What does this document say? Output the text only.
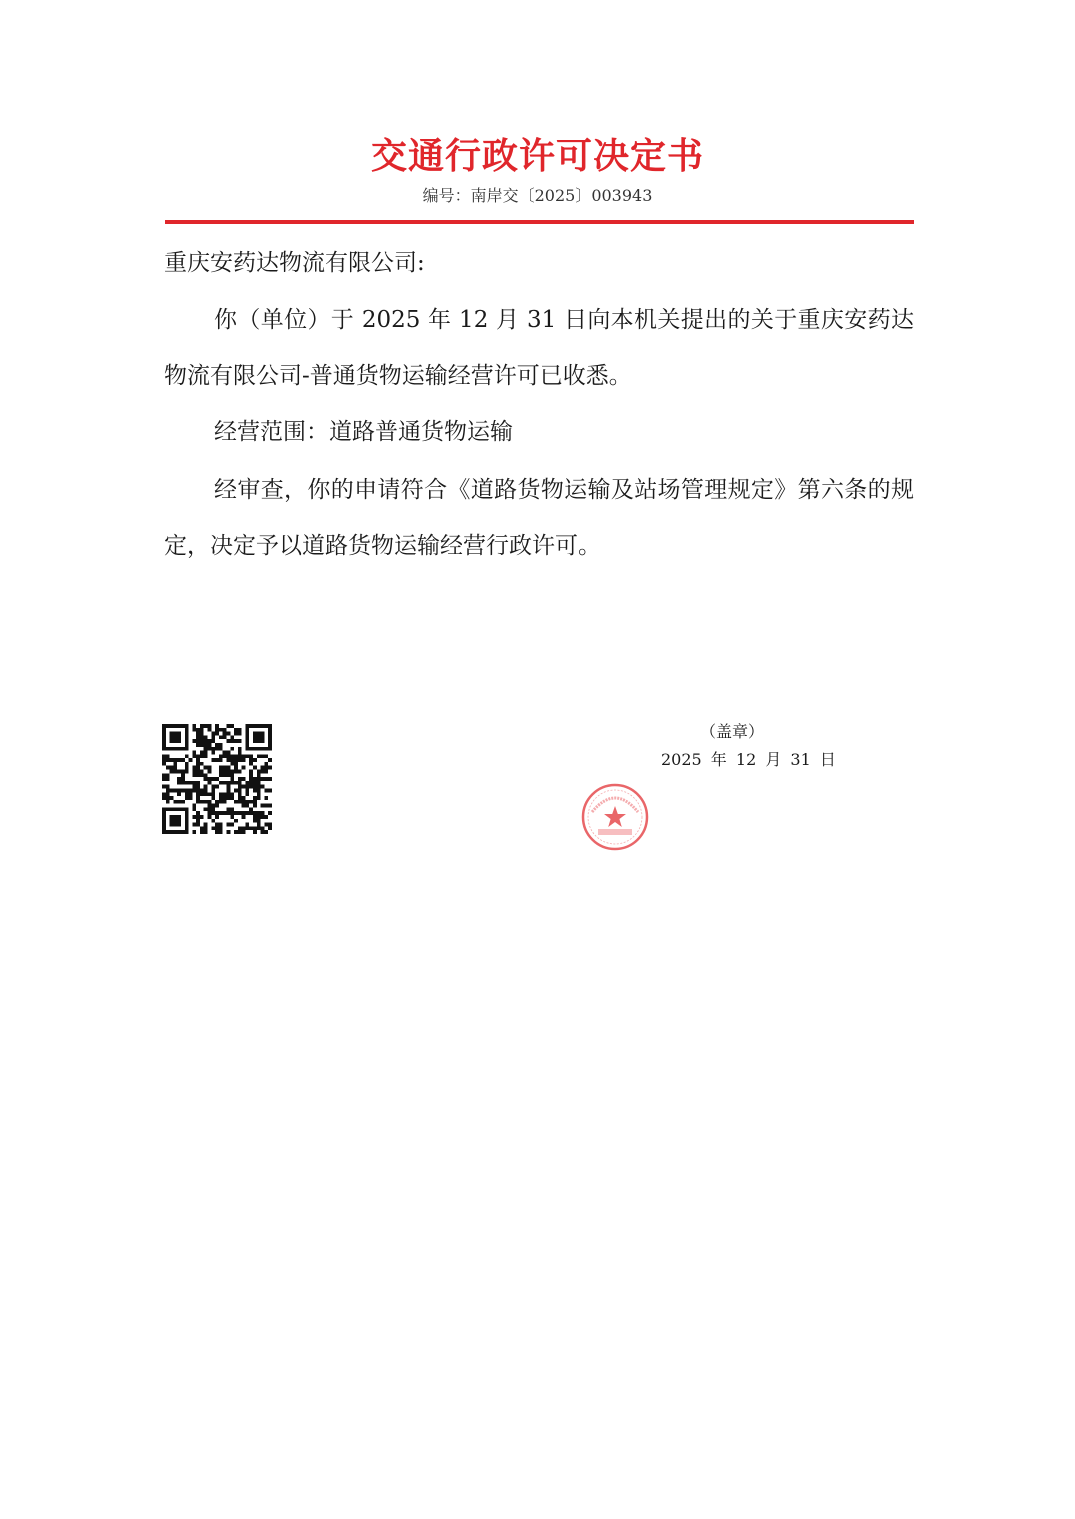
交通行政许可决定书
编号：南岸交〔2025〕003943
重庆安药达物流有限公司:
你（单位）于 2025 年 12 月 31 日向本机关提出的关于重庆安药达物流有限公司-普通货物运输经营许可已收悉。
经营范围：道路普通货物运输
经审查，你的申请符合《道路货物运输及站场管理规定》第六条的规定，决定予以道路货物运输经营行政许可。
（盖章）
2025 年 12 月 31 日
